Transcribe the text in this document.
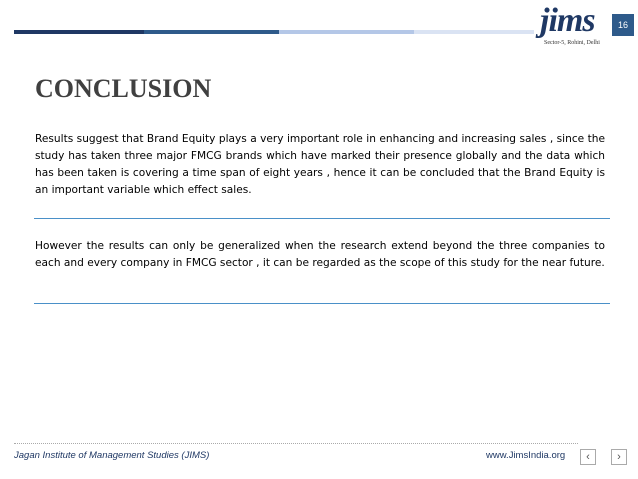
jims
Sector-5, Rohini, Delhi
16
CONCLUSION

Results suggest that Brand Equity plays a very important role in enhancing and increasing sales , since the study has taken three major FMCG brands which have marked their presence globally and the data which has been taken is covering a time span of eight years , hence it can be concluded that the Brand Equity is an important variable which effect sales.

However the results can only be generalized when the research extend beyond the three companies to each and every company in FMCG sector , it can be regarded as the scope of this study for the near future.

Jagan Institute of Management Studies (JIMS)	www.JimsIndia.org ‹ ›
